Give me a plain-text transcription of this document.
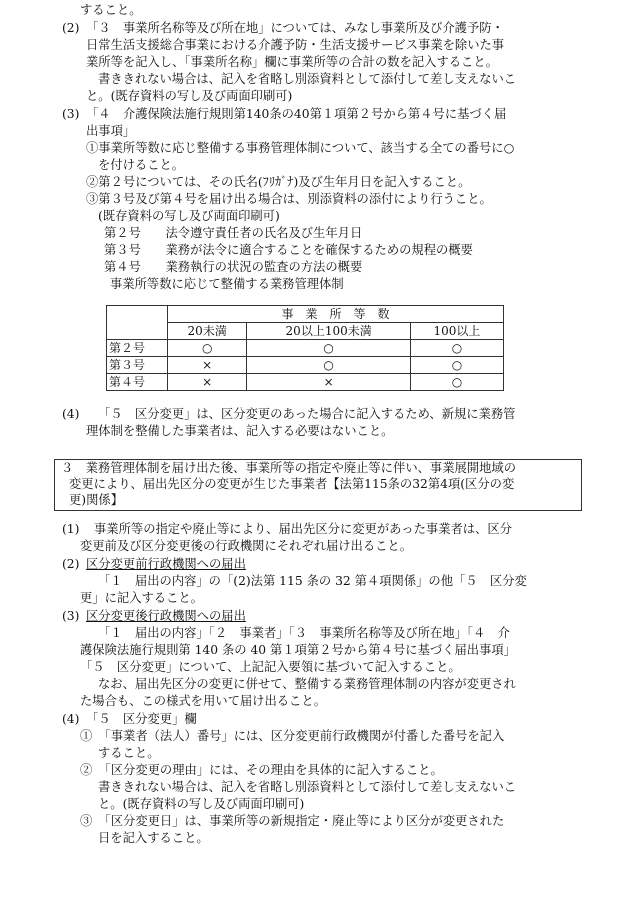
すること。
(2) 「３　事業所名称等及び所在地」については、みなし事業所及び介護予防・
日常生活支援総合事業における介護予防・生活支援サービス事業を除いた事
業所等を記入し、「事業所名称」欄に事業所等の合計の数を記入すること。
書ききれない場合は、記入を省略し別添資料として添付して差し支えないこ
と。(既存資料の写し及び両面印刷可)
(3) 「４　介護保険法施行規則第140条の40第１項第２号から第４号に基づく届
出事項」
①事業所等数に応じ整備する事務管理体制について、該当する全ての番号に○
を付けること。
②第２号については、その氏名(ﾌﾘｶﾞﾅ)及び生年月日を記入すること。
③第３号及び第４号を届け出る場合は、別添資料の添付により行うこと。
(既存資料の写し及び両面印刷可)
第２号　　法令遵守責任者の氏名及び生年月日
第３号　　業務が法令に適合することを確保するための規程の概要
第４号　　業務執行の状況の監査の方法の概要
事業所等数に応じて整備する業務管理体制
	事　業　所　等　数		
	20未満	20以上100未満	100以上
第２号	○	○	○
第３号	×	○	○
第４号	×	×	○
(4) 「５　区分変更」は、区分変更のあった場合に記入するため、新規に業務管
理体制を整備した事業者は、記入する必要はないこと。
３　業務管理体制を届け出た後、事業所等の指定や廃止等に伴い、事業展開地域の
変更により、届出先区分の変更が生じた事業者【法第115条の32第4項(区分の変
更)関係】
(1) 事業所等の指定や廃止等により、届出先区分に変更があった事業者は、区分
変更前及び区分変更後の行政機関にそれぞれ届け出ること。
(2) 区分変更前行政機関への届出
「１　届出の内容」の「(2)法第 115 条の 32 第４項関係」の他「５　区分変
更」に記入すること。
(3) 区分変更後行政機関への届出
「１　届出の内容」「２　事業者」「３　事業所名称等及び所在地」「４　介
護保険法施行規則第 140 条の 40 第１項第２号から第４号に基づく届出事項」
「５　区分変更」について、上記記入要領に基づいて記入すること。
なお、届出先区分の変更に併せて、整備する業務管理体制の内容が変更され
た場合も、この様式を用いて届け出ること。
(4) 「５　区分変更」欄
①　「事業者（法人）番号」には、区分変更前行政機関が付番した番号を記入
すること。
②　「区分変更の理由」には、その理由を具体的に記入すること。
書ききれない場合は、記入を省略し別添資料として添付して差し支えないこ
と。(既存資料の写し及び両面印刷可)
③　「区分変更日」は、事業所等の新規指定・廃止等により区分が変更された
日を記入すること。
